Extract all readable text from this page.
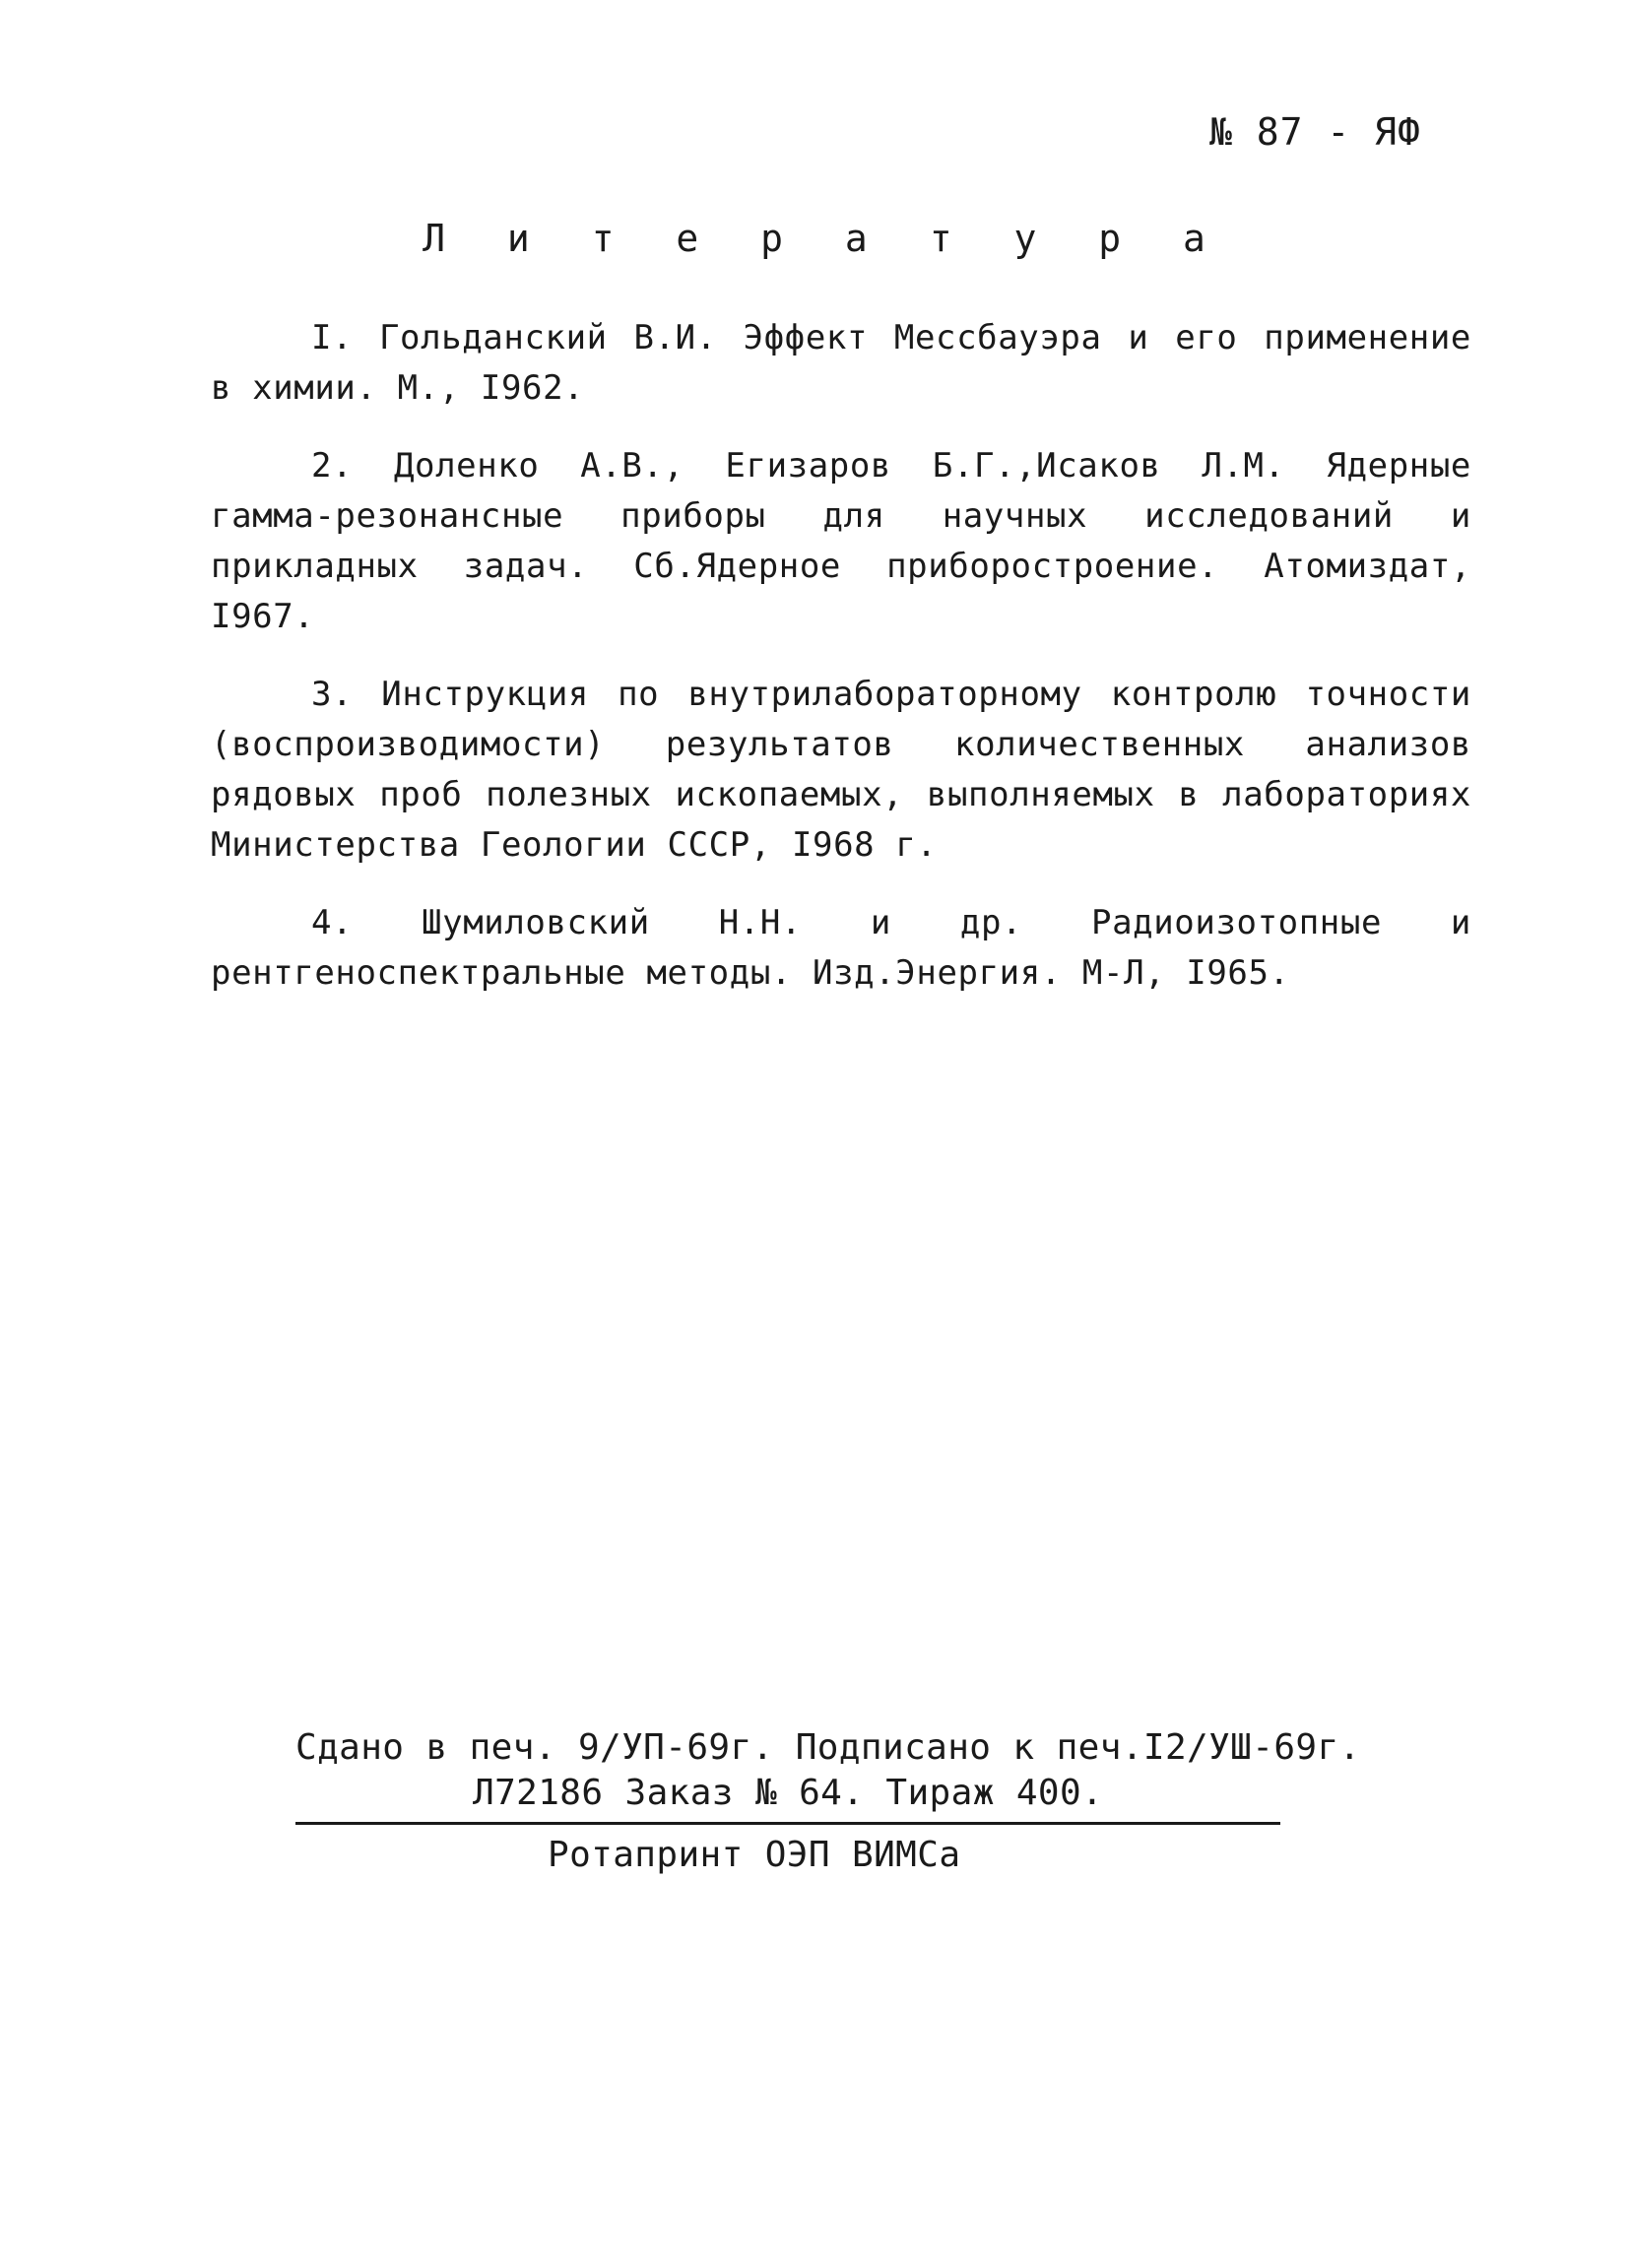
№ 87 - ЯФ
Л и т е р а т у р а
I. Гольданский В.И. Эффект Мессбауэра и его применение в химии. М., I962.
2. Доленко А.В., Егизаров Б.Г.,Исаков Л.М. Ядерные гамма-резонансные приборы для научных исследований и прикладных задач. Сб.Ядерное приборостроение. Атомиздат, I967.
3. Инструкция по внутрилабораторному контролю точности (воспроизводимости) результатов количественных анализов рядовых проб полезных ископаемых, выполняемых в лабораториях Министерства Геологии СССР, I968 г.
4. Шумиловский Н.Н. и др. Радиоизотопные и рентгеноспектральные методы. Изд.Энергия. М-Л, I965.
Сдано в печ. 9/УП-69г. Подписано к печ.I2/УШ-69г.
Л72186 Заказ № 64. Тираж 400.
Ротапринт ОЭП ВИМСа
